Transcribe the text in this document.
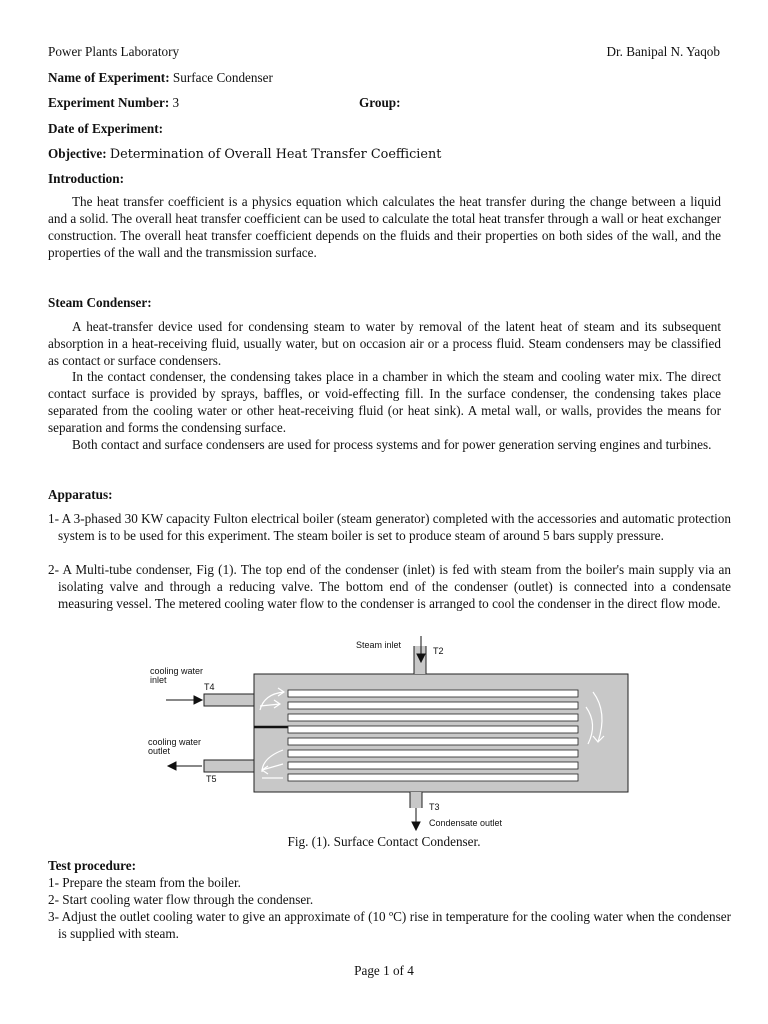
Power Plants Laboratory	Dr. Banipal N. Yaqob
Name of Experiment: Surface Condenser
Experiment Number: 3	Group:
Date of Experiment:
Objective: Determination of Overall Heat Transfer Coefficient
Introduction:
The heat transfer coefficient is a physics equation which calculates the heat transfer during the change between a liquid and a solid. The overall heat transfer coefficient can be used to calculate the total heat transfer through a wall or heat exchanger construction. The overall heat transfer coefficient depends on the fluids and their properties on both sides of the wall, and the properties of the wall and the transmission surface.
Steam Condenser:
A heat-transfer device used for condensing steam to water by removal of the latent heat of steam and its subsequent absorption in a heat-receiving fluid, usually water, but on occasion air or a process fluid. Steam condensers may be classified as contact or surface condensers.
In the contact condenser, the condensing takes place in a chamber in which the steam and cooling water mix. The direct contact surface is provided by sprays, baffles, or void-effecting fill. In the surface condenser, the condensing takes place separated from the cooling water or other heat-receiving fluid (or heat sink). A metal wall, or walls, provides the means for separation and forms the condensing surface.
Both contact and surface condensers are used for process systems and for power generation serving engines and turbines.
Apparatus:
1- A 3-phased 30 KW capacity Fulton electrical boiler (steam generator) completed with the accessories and automatic protection system is to be used for this experiment. The steam boiler is set to produce steam of around 5 bars supply pressure.
2- A Multi-tube condenser, Fig (1). The top end of the condenser (inlet) is fed with steam from the boiler's main supply via an isolating valve and through a reducing valve. The bottom end of the condenser (outlet) is connected into a condensate measuring vessel. The metered cooling water flow to the condenser is arranged to cool the condenser in the direct flow mode.
Steam inlet
T2
cooling water
inlet
T4
cooling water
outlet
T5
T3
Condensate outlet
Fig. (1). Surface Contact Condenser.
Test procedure:
1- Prepare the steam from the boiler.
2- Start cooling water flow through the condenser.
3- Adjust the outlet cooling water to give an approximate of (10 ºC) rise in temperature for the cooling water when the condenser is supplied with steam.
Page 1 of 4
